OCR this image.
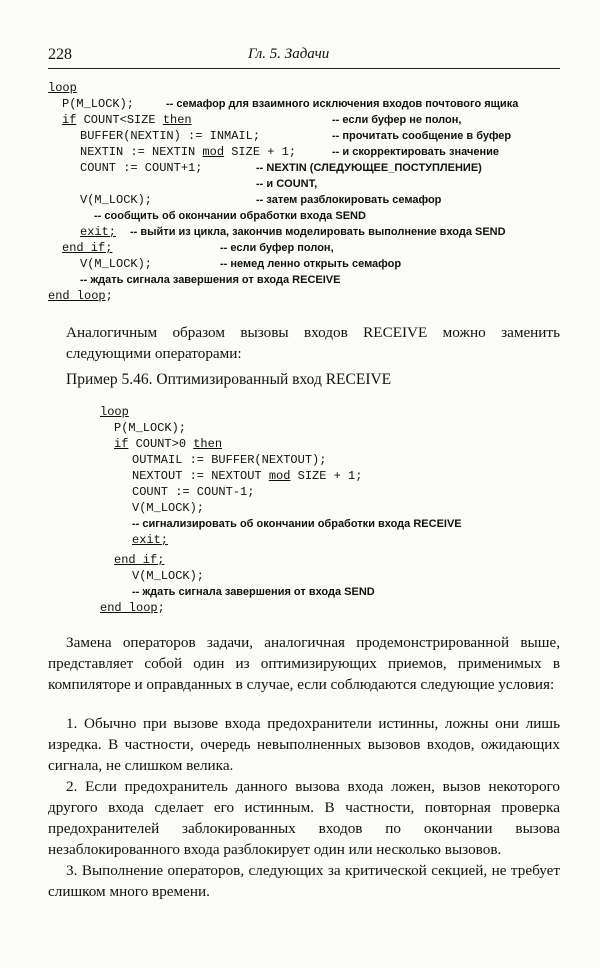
228	Гл. 5. Задачи
loop
P(M_LOCK);	-- семафор для взаимного исключения входов почтового ящика
if COUNT<SIZE then	-- если буфер не полон,
BUFFER(NEXTIN) := INMAIL;	-- прочитать сообщение в буфер
NEXTIN := NEXTIN mod SIZE + 1;	-- и скорректировать значение
COUNT := COUNT+1;	-- NEXTIN (СЛЕДУЮЩЕЕ_ПОСТУПЛЕНИЕ)
-- и COUNT,
V(M_LOCK);	-- затем разблокировать семафор
-- сообщить об окончании обработки входа SEND
exit; -- выйти из цикла, закончив моделировать выполнение входа SEND
end if;	-- если буфер полон,
V(M_LOCK);	-- немед ленно открыть семафор
-- ждать сигнала завершения от входа RECEIVE
end loop;

Аналогичным образом вызовы входов RECEIVE можно заменить следующими операторами:

Пример 5.46. Оптимизированный вход RECEIVE
loop
P(M_LOCK);
if COUNT>0 then
OUTMAIL := BUFFER(NEXTOUT);
NEXTOUT := NEXTOUT mod SIZE + 1;
COUNT := COUNT-1;
V(M_LOCK);
-- сигнализировать об окончании обработки входа RECEIVE
exit;
end if;
V(M_LOCK);
-- ждать сигнала завершения от входа SEND
end loop;

Замена операторов задачи, аналогичная продемонстрированной выше, представляет собой один из оптимизирующих приемов, применимых в компиляторе и оправданных в случае, если соблюдаются следующие условия:

1. Обычно при вызове входа предохранители истинны, ложны они лишь изредка. В частности, очередь невыполненных вызовов входов, ожидающих сигнала, не слишком велика.

2. Если предохранитель данного вызова входа ложен, вызов некоторого другого входа сделает его истинным. В частности, повторная проверка предохранителей заблокированных входов по окончании вызова незаблокированного входа разблокирует один или несколько вызовов.

3. Выполнение операторов, следующих за критической секцией, не требует слишком много времени.
